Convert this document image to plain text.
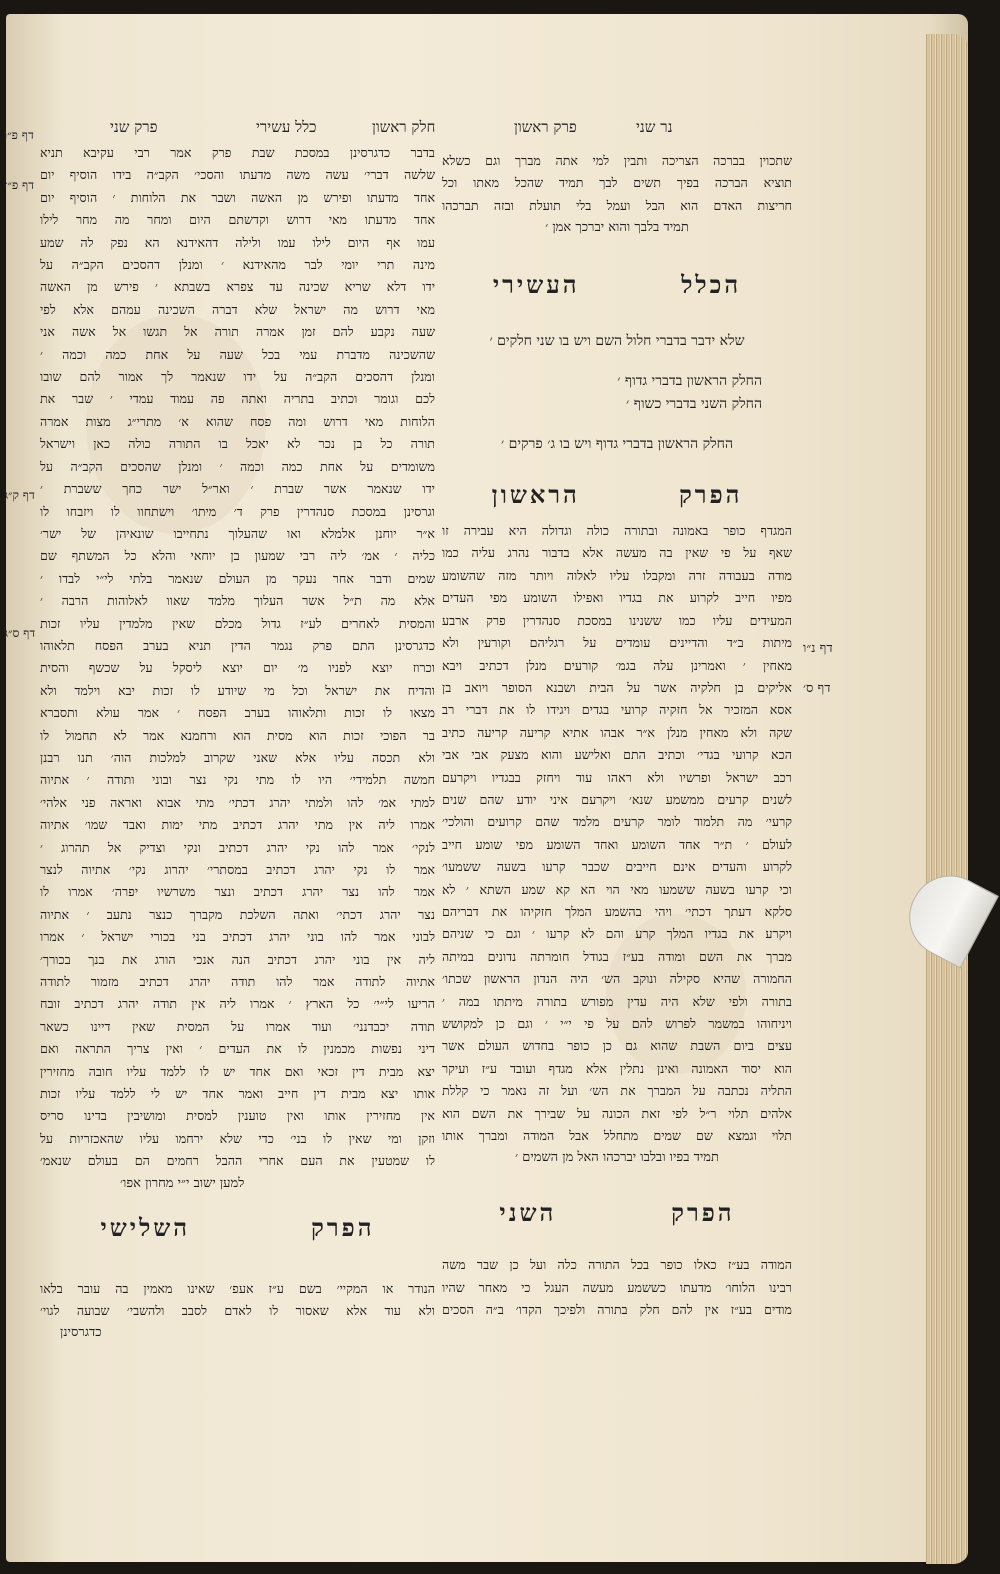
נר שני
פרק ראשון
חלק ראשון
כלל עשירי
פרק שני
דף פ״ו
דף פ״ז
דף ק״ג
דף ס״ג
דף נ״ו
דף ס׳
בדבר כדגרסינן במסכת שבת פרק אמר רבי עקיבא תניא
שלשה דברי׳ עשה משה מדעתו והסכי׳ הקב״ה בידו הוסיף יום
אחד מדעתו ופירש מן האשה ושבר את הלוחות ׳ הוסיף יום
אחד מדעתו מאי דרוש וקדשתם היום ומחר מה מחר לילו
עמו אף היום לילו עמו ולילה דהאידנא הא נפק לה שמע
מינה תרי יומי לבר מהאידנא ׳ ומנלן דהסכים הקב״ה על
ידו דלא שריא שכינה עד צפרא בשבתא ׳ פירש מן האשה
מאי דרוש מה ישראל שלא דברה השכינה עמהם אלא לפי
שעה נקבע להם זמן אמרה תורה אל תגשו אל אשה אני
שהשכינה מדברת עמי בכל שעה על אחת כמה וכמה ׳
ומנלן דהסכים הקב״ה על ידו שנאמר לך אמור להם שובו
לכם וגומר וכתיב בתריה ואתה פה עמוד עמדי ׳ שבר את
הלוחות מאי דרוש ומה פסח שהוא א׳ מתרי״ג מצות אמרה
תורה כל בן נכר לא יאכל בו התורה כולה כאן וישראל
משומדים על אחת כמה וכמה ׳ ומנלן שהסכים הקב״ה על
ידו שנאמר אשר שברת ׳ ואר״ל ישר כחך ששברת ׳
וגרסינן במסכת סנהדרין פרק ד׳ מיתו׳ וישתחוו לו ויזבחו לו
א״ר יוחנן אלמלא ואו שהעלוך נתחייבו שונאיהן של ישר׳
כליה ׳ אמ׳ ליה רבי שמעון בן יוחאי והלא כל המשתף שם
שמים ודבר אחר נעקר מן העולם שנאמר בלתי לי״י לבדו ׳
אלא מה ת״ל אשר העלוך מלמד שאוו לאלוהות הרבה ׳
והמסית לאחרים לע״ז גדול מכלם שאין מלמדין עליו זכות
כדגרסינן התם פרק נגמר הדין תניא בערב הפסח תלאוהו
וכרוז יוצא לפניו מ׳ יום יוצא ליסקל על שכשף והסית
והדיח את ישראל וכל מי שיודע לו זכות יבא וילמד ולא
מצאו לו זכות ותלאוהו בערב הפסח ׳ אמר עולא ותסברא
בר הפוכי זכות הוא מסית הוא ורחמנא אמר לא תחמול לו
ולא תכסה עליו אלא שאני שקרוב למלכות הוה׳ תנו רבנן
חמשה תלמידי׳ היו לו מתי נקי נצר ובוני ותודה ׳ אתיוה
למתי אמ׳ להו ולמתי יהרג דכתי׳ מתי אבוא ואראה פני אלהי׳
אמרו ליה אין מתי יהרג דכתיב מתי ימות ואבד שמו׳ אתיוה
לנקי׳ אמר להו נקי יהרג דכתיב ונקי וצדיק אל תהרוג ׳
אמר לו נקי יהרג דכתיב במסתרי׳ יהרוג נקי׳ אתיוה לנצר
אמר להו נצר יהרג דכתיב ונצר משרשיו יפרה׳ אמרו לו
נצר יהרג דכתי׳ ואתה השלכת מקברך כנצר נתעב ׳ אתיוה
לבוני אמר להו בוני יהרג דכתיב בני בכורי ישראל ׳ אמרו
ליה אין בוני יהרג דכתיב הנה אנכי הורג את בנך בכורך׳
אתיוה לתודה אמר להו תודה יהרג דכתיב מזמור לתודה
הריעו לי״י׳ כל הארץ ׳ אמרו ליה אין תודה יהרג דכתיב זובח
תודה יכבדנני׳ ועוד אמרו על המסית שאין דיינו כשאר
דיני נפשות מכמנין לו את העדים ׳ ואין צריך התראה ואם
יצא מבית דין זכאי ואם אחד יש לו ללמד עליו חובה מחזירין
אותו יצא מבית דין חייב ואמר אחד יש לי ללמד עליו זכות
אין מחזירין אותו ואין טוענין למסית ומושיבין בדינו סריס
וזקן ומי שאין לו בני׳ כדי שלא ירחמו עליו שהאכזריות על
לו שמטעין את העם אחרי ההבל רחמים הם בעולם שנאמ׳
למען ישוב י״י מחרון אפו׳
הפרק
השלישי
הנודר או המקיי׳ בשם ע״ז אעפ׳ שאינו מאמין בה עובר בלאו
ולא עוד אלא שאסור לו לאדם לסבב ולהשבי׳ שבועה לגוי׳
כדגרסינן
שתכוין בברכה הצריכה ותבין למי אתה מברך וגם כשלא
תוציא הברכה בפיך תשים לבך תמיד שהכל מאתו וכל
חריצות האדם הוא הבל ועמל בלי תועלת ובזה תברכהו
תמיד בלבך והוא יברכך אמן ׳
הכלל
העשירי
שלא ידבר בדברי חלול השם ויש בו שני חלקים ׳
החלק הראשון בדברי גדוף ׳
החלק השני בדברי כשוף ׳
החלק הראשון בדברי גדוף ויש בו ג׳ פרקים ׳
הפרק
הראשון
המגדף כופר באמונה ובתורה כולה וגדולה היא עבירה זו
שאף על פי שאין בה מעשה אלא בדבור נהרג עליה כמו
מודה בעבודה זרה ומקבלו עליו לאלוה ויותר מזה שהשומע
מפיו חייב לקרוע את בגדיו ואפילו השומע מפי העדים
המעידים עליו כמו ששנינו במסכת סנהדרין פרק ארבע
מיתות ב״ד והדיינים עומדים על רגליהם וקורעין ולא
מאחין ׳ ואמרינן עלה בגמ׳ קורעים מנלן דכתיב ויבא
אליקים בן חלקיה אשר על הבית ושבנא הסופר ויואב בן
אסא המזכיר אל חזקיה קרועי בגדים ויגידו לו את דברי רב
שקה ולא מאחין מנלן א״ר אבהו אתיא קריעה קריעה כתיב
הכא קרועי בגדי׳ וכתיב התם ואלישע והוא מצעק אבי אבי
רכב ישראל ופרשיו ולא ראהו עוד ויחזק בבגדיו ויקרעם
לשנים קרעים ממשמע שנא׳ ויקרעם איני יודע שהם שנים
קרעי׳ מה תלמוד לומר קרעים מלמד שהם קרועים והולכי׳
לעולם ׳ ת״ר אחד השומע ואחד השומע מפי שומע חייב
לקרוע והעדים אינם חייבים שכבר קרעו בשעה ששמעו׳
וכי קרעו בשעה ששמעו מאי הוי הא קא שמע השתא ׳ לא
סלקא דעתך דכתי׳ ויהי בהשמע המלך חזקיהו את דבריהם
ויקרע את בגדיו המלך קרע והם לא קרעו ׳ וגם כי שניהם
מברך את השם ומודה בע״ז בגודל חומרתה נדונים במיתה
החמורה שהיא סקילה ונוקב הש׳ היה הנדון הראשון שכתו׳
בתורה ולפי שלא היה עדין מפורש בתורה מיתתו במה ׳
ויניחוהו במשמר לפרוש להם על פי י״י ׳ וגם כן למקושש
עצים ביום השבת שהוא גם כן כופר בחדוש העולם אשר
הוא יסוד האמונה ואינן נתלין אלא מגדף ועובד ע״ז ועיקר
התליה נכתבה על המברך את הש׳ ועל זה נאמר כי קללת
אלהים תלוי ר״ל לפי זאת הכונה על שבירך את השם הוא
תלוי וגמצא שם שמים מתחלל אבל המודה ומברך אותו
תמיד בפיו ובלבו יברכהו האל מן השמים ׳
הפרק
השני
המודה בע״ז כאלו כופר בכל התורה כלה ועל כן שבר משה
רבינו הלוחו׳ מדעתו כששמע מעשה העגל כי מאחר שהיו
מודים בע״ז אין להם חלק בתורה ולפיכך הקדו׳ ב״ה הסכים
